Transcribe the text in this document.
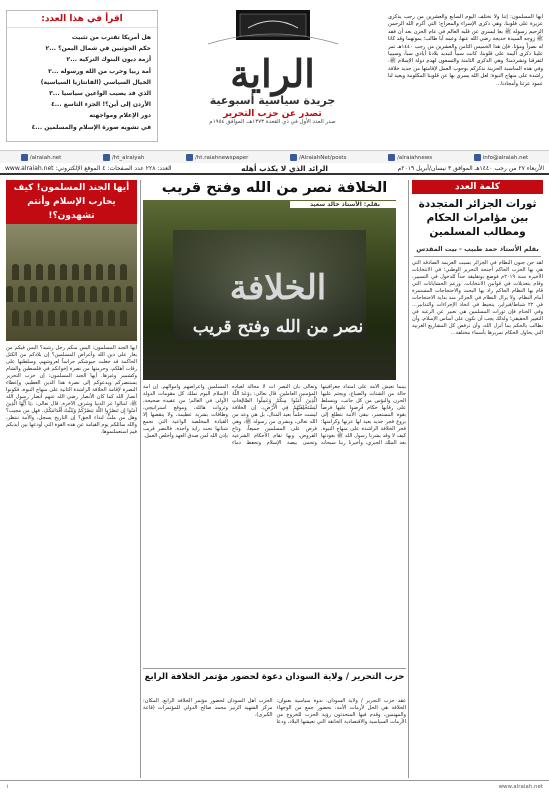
أيها المسلمون: إننا ولا نختلف اليوم السابع والعشرين من رجب يذكرى عزيزة على قلوبنا، وهي ذكرى الإسراء والمعراج؛ التي أكرم الله الرحمن الرحيم رسوله ﷺ بعا ليسري عن قلبه العالم في عام الحزن بعد أن فقد ﷺ زوجه السيدة خديجة رضي الله عنها، وعمه أبا طالب؛ بموتهما وقد كانا له نصراً ومؤنا. فإن هذا الخميس الثامن والعشرين من رجب ١٤٤٠هـ تمر علينا ذكرى أليمة على قلوبنا، كانت سبباً لتبديد بلادنا أيادي سبأ، وسبيبا لتفرقنا وتشرذمنا؛ وهي الذكرى الثامنة والتسعون لهدم دولة الإسلام ﷺ. وفي هذه المناسبة الحزينة نذكركم بوجوب العمل لإقامتها من جديد خلافة راشدة على منهاج النبوة؛ لعل الله يسري بها عن قلوبنا المكلومة ويعيد لنا عمود عزتنا وأمجادنا...
الراية
جريدة سياسية أسبوعية
تصدر عن حزب التحرير
صدر العدد الأول في ذي القعدة ١٣٧٣هـ، الموافق ١٩٥٤م
اقرأ في هذا العدد:
هل أمريكا تقترب من تثبيت
حكم الحوثيين في شمال اليمن؟ ...٢
أزمة ديون البنوك التركية ...٢
أمة ربيا وحرب من الله ورسوله ...٢
الخيال السياسي (الفانتازيا السياسية)
الذي قد يصيب الواعين سياسيا ...٣
الأردن إلى أين؟! الجزء التاسع ...٤
دور الإعلام ومواجهته
في تشويه صورة الإسلام والمسلمين ...٤
/alraiah.net	/ht_alraiyah	/ht.raiahnewspaper	/AlraiahNet/posts	/alraiahnews	info@alraiah.net
الأربعاء ٢٧ من رجب ١٤٤٠هـ الموافق ٣ نيسان/أبريل ٢٠١٩م
الرائد الذي لا يكذب أهله
العدد: ٢٢٨ عدد الصفحات: ٤ الموقع الإلكتروني: www.alraiah.net
كلمة العدد
ثورات الجزائر المتجددة بين مؤامرات الحكام ومطالب المسلمين
بقلم الأستاذ حمد طبيب - بيت المقدس
لقد جن جنون النظام في الجزائر بسبب العزيمة الصادقة التي هي بها الحزب الحاكم أجنحة التحرير الوطني؛ في الانتخابات الأخيرة سنة ٢٠١٩م فوضع بوتفليقة حداً للدخول في التسيير، وقام بتعديلات في قوانين الانتخابات. وزعم الحشايانات التي قام بها النظام الحاكم زاد بها البحث والاحتجاجات المستمرة أمام النظام. ولا يزال النظام في الجزائر منذ بداية الاحتجاجات في ٢٢ شباط/فبراير، يتخبط في اتخاذ الإجراءات والتدابير... وفي الختام فإن ثورات المسلمين هي تعبير عن الرغبة في التغيير الحقيقي؛ ولذلك يجب أن تكون على أساس الإسلام، وأن تطالب بالحكم بما أنزل الله، وأن ترفض كل المشاريع الغربية التي يحاول الحكام تمريرها بأسماء مختلفة...
الخلافة نصر من الله وفتح قريب
الخلافة
نصر من الله وفتح قريب
بقلم: الأستاذ خالد سعيد
بينما تعيش الأمة على امتداد جغرافيتها حالة من الشتات والضياع، ويجثم عليها الحزن والبؤس من كل جانب، ويتسلط على رقابها حكام فُرِضوا عليها فرضاً بقوة المستعمر، تبقى الأمة تتطلع إلى بزوغ فجر جديد يعيد لها عزتها وكرامتها؛ فجر الخلافة الراشدة على منهاج النبوة. كيف لا وقد بشرنا رسول الله ﷺ بعودتها بعد الملك الجبري، وأخبرنا ربنا سبحانه وتعالى بأن النصر آت لا محالة لعباده المؤمنين العاملين. قال تعالى: ﴿وَعَدَ اللَّهُ الَّذِينَ آمَنُوا مِنكُمْ وَعَمِلُوا الصَّالِحَاتِ لَيَسْتَخْلِفَنَّهُمْ فِي الْأَرْضِ﴾. إن الخلافة ليست حلماً بعيد المنال، بل هي وعد من الله تعالى، وبشرى من رسوله ﷺ، وهي فرض على المسلمين جميعاً، وتاج الفروض، وبها تقام الأحكام الشرعية وتحمى بيضة الإسلام وتحفظ دماء المسلمين وأعراضهم وأموالهم. إن أمة الإسلام اليوم تملك كل مقومات الدولة الأولى في العالم؛ من عقيدة صحيحة، وثروات هائلة، وموقع استراتيجي، وطاقات بشرية عظيمة، ولا ينقصها إلا القيادة المخلصة الواعية التي تجمع شتاتها تحت راية واحدة. فالنصر قريب بإذن الله لمن صدق العهد وأخلص العمل.
حزب التحرير / ولاية السودان دعوة لحضور مؤتمر الخلافة الرابع
عقد حزب التحرير / ولاية السودان، ندوة سياسية بعنوان: الخلافة هي الحل لأزمات الأمة، بحضور جمع من الوجهاء والمهتمين، وقدم فيها المتحدثون رؤية الحزب للخروج من الأزمات السياسية والاقتصادية الخانقة التي تعيشها البلاد، ودعا الحزب أهل السودان لحضور مؤتمر الخلافة الرابع. المكان: مركز الشهيد الزبير محمد صالح الدولي للمؤتمرات (قاعة الكبرى).
أيها الجند المسلمون! كيف يحارب الإسلام وأنتم تشهدون؟!
أيها الجند المسلمون: أليس منكم رجل رشيد؟ أليس فيكم من يغار على دين الله وأعراض المسلمين؟ إن بلادكم من الكتل الحاكمة قد جعلت جيوشكم حراساً لعروشهم، وسلطتها على رقاب أهلكم، وحرمتها من نصرة إخوانكم في فلسطين والشام وكشمير وغيرها. أيها الجند المسلمون: إن حزب التحرير يستنصركم ويدعوكم إلى نصرة هذا الدين العظيم، وإعطاء النصرة لإقامة الخلافة الراشدة الثانية على منهاج النبوة، فكونوا أنصار الله كما كان الأنصار رضي الله عنهم أنصار رسول الله ﷺ، لتنالوا عز الدنيا وشرف الآخرة. قال تعالى: ﴿يَا أَيُّهَا الَّذِينَ آمَنُوا إِن تَنصُرُوا اللَّهَ يَنصُرْكُمْ وَيُثَبِّتْ أَقْدَامَكُمْ﴾. فهل من مجيب؟ وهل من ملبٍّ لنداء الحق؟ إن التاريخ يسجل، والأمة تنتظر، والله سائلكم يوم القيامة عن هذه القوة التي أودعها بين أيديكم فيم استعملتموها.
www.alraiah.net
١
